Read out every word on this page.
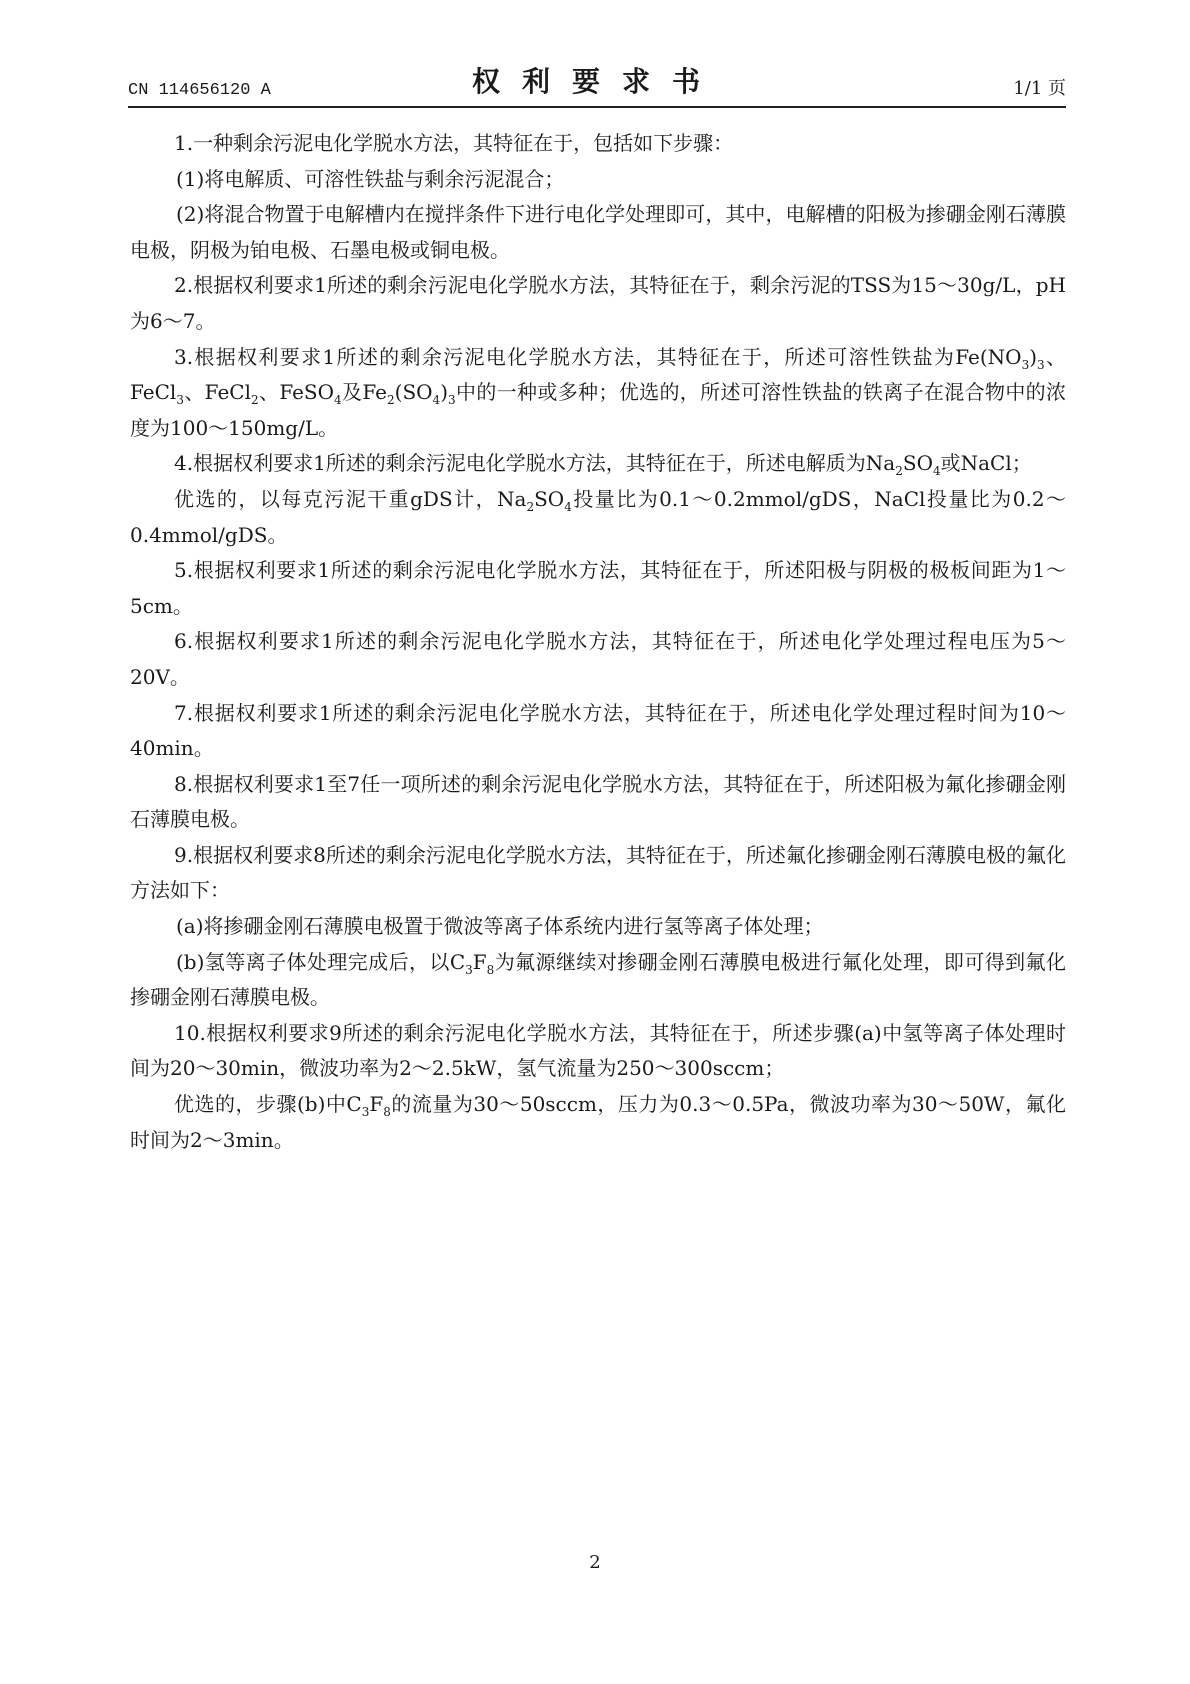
CN 114656120 A	权利要求书	1/1 页

1.一种剩余污泥电化学脱水方法，其特征在于，包括如下步骤：

(1)将电解质、可溶性铁盐与剩余污泥混合；

(2)将混合物置于电解槽内在搅拌条件下进行电化学处理即可，其中，电解槽的阳极为掺硼金刚石薄膜电极，阴极为铂电极、石墨电极或铜电极。

2.根据权利要求1所述的剩余污泥电化学脱水方法，其特征在于，剩余污泥的TSS为15～30g/L，pH为6～7。

3.根据权利要求1所述的剩余污泥电化学脱水方法，其特征在于，所述可溶性铁盐为$Fe(NO_3)_3$、FeCl$_3$、FeCl$_2$、FeSO$_4$及$Fe_2(SO_4)_3$中的一种或多种；优选的，所述可溶性铁盐的铁离子在混合物中的浓度为100～150mg/L。

4.根据权利要求1所述的剩余污泥电化学脱水方法，其特征在于，所述电解质为$Na_2SO_4$或NaCl；

优选的，以每克污泥干重gDS计，$Na_2SO_4$投量比为0.1～0.2mmol/gDS，NaCl投量比为0.2～0.4mmol/gDS。

5.根据权利要求1所述的剩余污泥电化学脱水方法，其特征在于，所述阳极与阴极的极板间距为1～5cm。

6.根据权利要求1所述的剩余污泥电化学脱水方法，其特征在于，所述电化学处理过程电压为5～20V。

7.根据权利要求1所述的剩余污泥电化学脱水方法，其特征在于，所述电化学处理过程时间为10～40min。

8.根据权利要求1至7任一项所述的剩余污泥电化学脱水方法，其特征在于，所述阳极为氟化掺硼金刚石薄膜电极。

9.根据权利要求8所述的剩余污泥电化学脱水方法，其特征在于，所述氟化掺硼金刚石薄膜电极的氟化方法如下：

(a)将掺硼金刚石薄膜电极置于微波等离子体系统内进行氢等离子体处理；

(b)氢等离子体处理完成后，以$C_3F_8$为氟源继续对掺硼金刚石薄膜电极进行氟化处理，即可得到氟化掺硼金刚石薄膜电极。

10.根据权利要求9所述的剩余污泥电化学脱水方法，其特征在于，所述步骤(a)中氢等离子体处理时间为20～30min，微波功率为2～2.5kW，氢气流量为250～300sccm；

优选的，步骤(b)中$C_3F_8$的流量为30～50sccm，压力为0.3～0.5Pa，微波功率为30～50W，氟化时间为2～3min。

2
